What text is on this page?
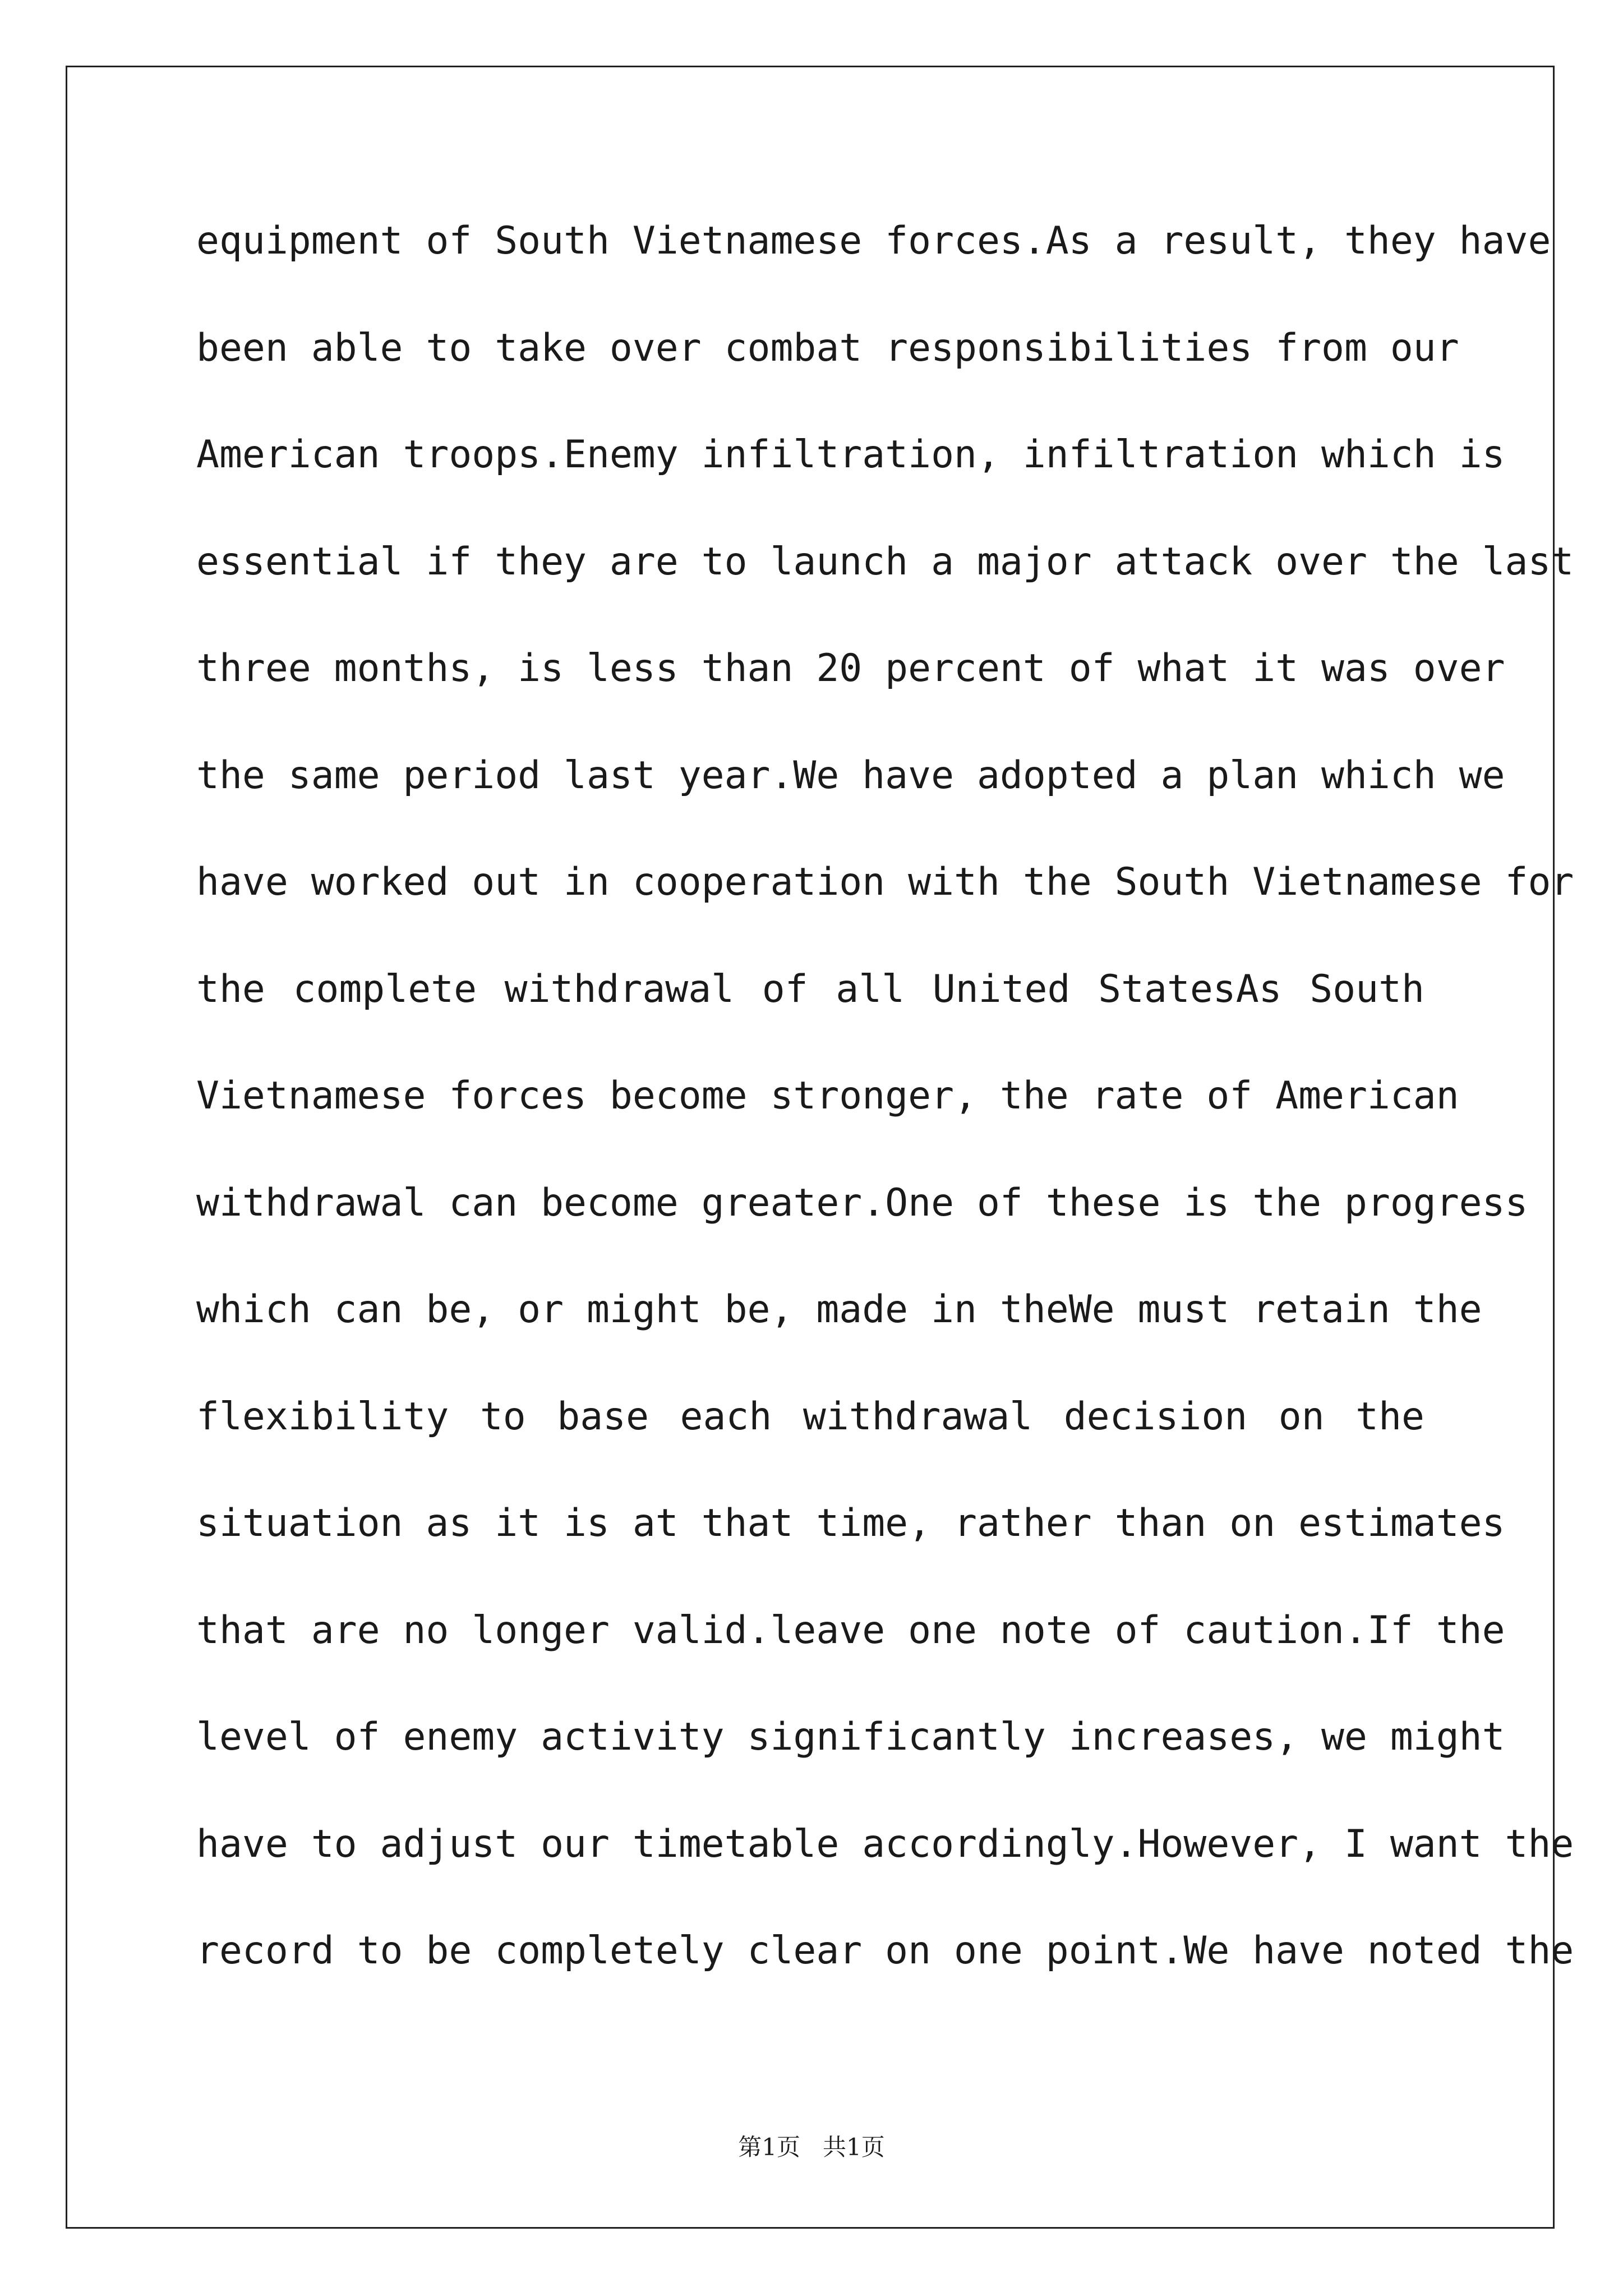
equipment of South Vietnamese forces.As a result, they have
been able to take over combat responsibilities from our
American troops.Enemy infiltration, infiltration which is
essential if they are to launch a major attack over the last
three months, is less than 20 percent of what it was over
the same period last year.We have adopted a plan which we
have worked out in cooperation with the South Vietnamese for
the complete withdrawal of all United StatesAs South
Vietnamese forces become stronger, the rate of American
withdrawal can become greater.One of these is the progress
which can be, or might be, made in theWe must retain the
flexibility to base each withdrawal decision on the
situation as it is at that time, rather than on estimates
that are no longer valid.leave one note of caution.If the
level of enemy activity significantly increases, we might
have to adjust our timetable accordingly.However, I want the
record to be completely clear on one point.We have noted the
第1页   共1页
